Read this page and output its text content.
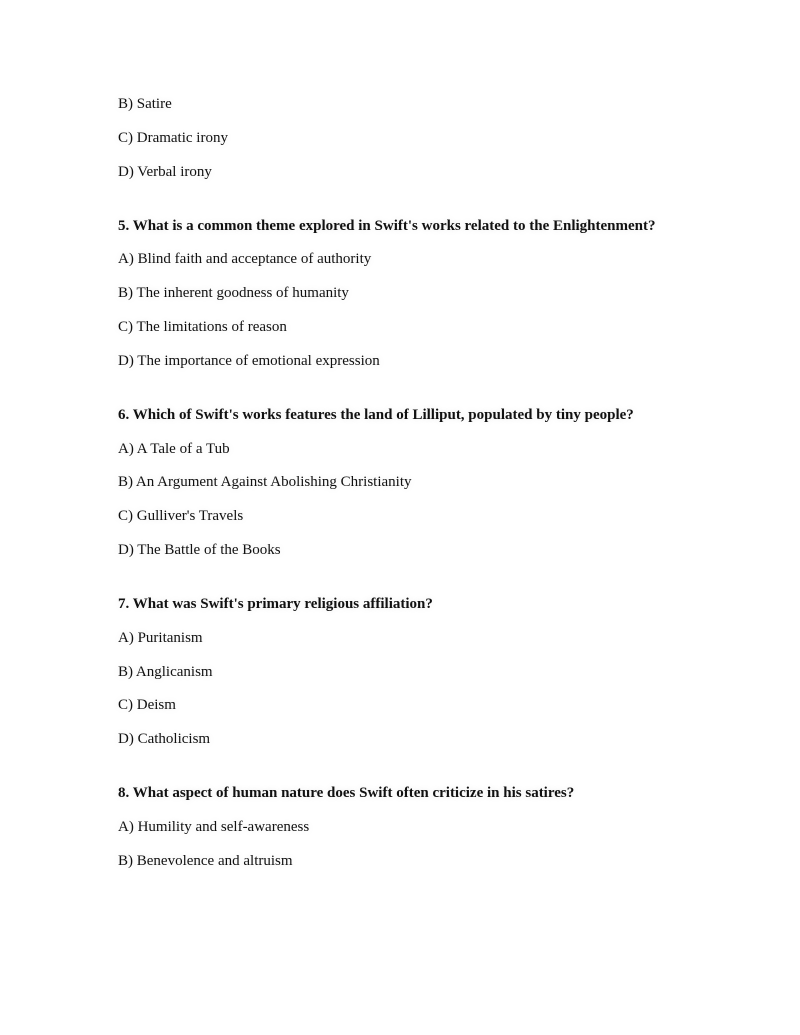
B) Satire

C) Dramatic irony

D) Verbal irony

5. What is a common theme explored in Swift's works related to the Enlightenment?

A) Blind faith and acceptance of authority

B) The inherent goodness of humanity

C) The limitations of reason

D) The importance of emotional expression

6. Which of Swift's works features the land of Lilliput, populated by tiny people?

A) A Tale of a Tub

B) An Argument Against Abolishing Christianity

C) Gulliver's Travels

D) The Battle of the Books

7. What was Swift's primary religious affiliation?

A) Puritanism

B) Anglicanism

C) Deism

D) Catholicism

8. What aspect of human nature does Swift often criticize in his satires?

A) Humility and self-awareness

B) Benevolence and altruism
